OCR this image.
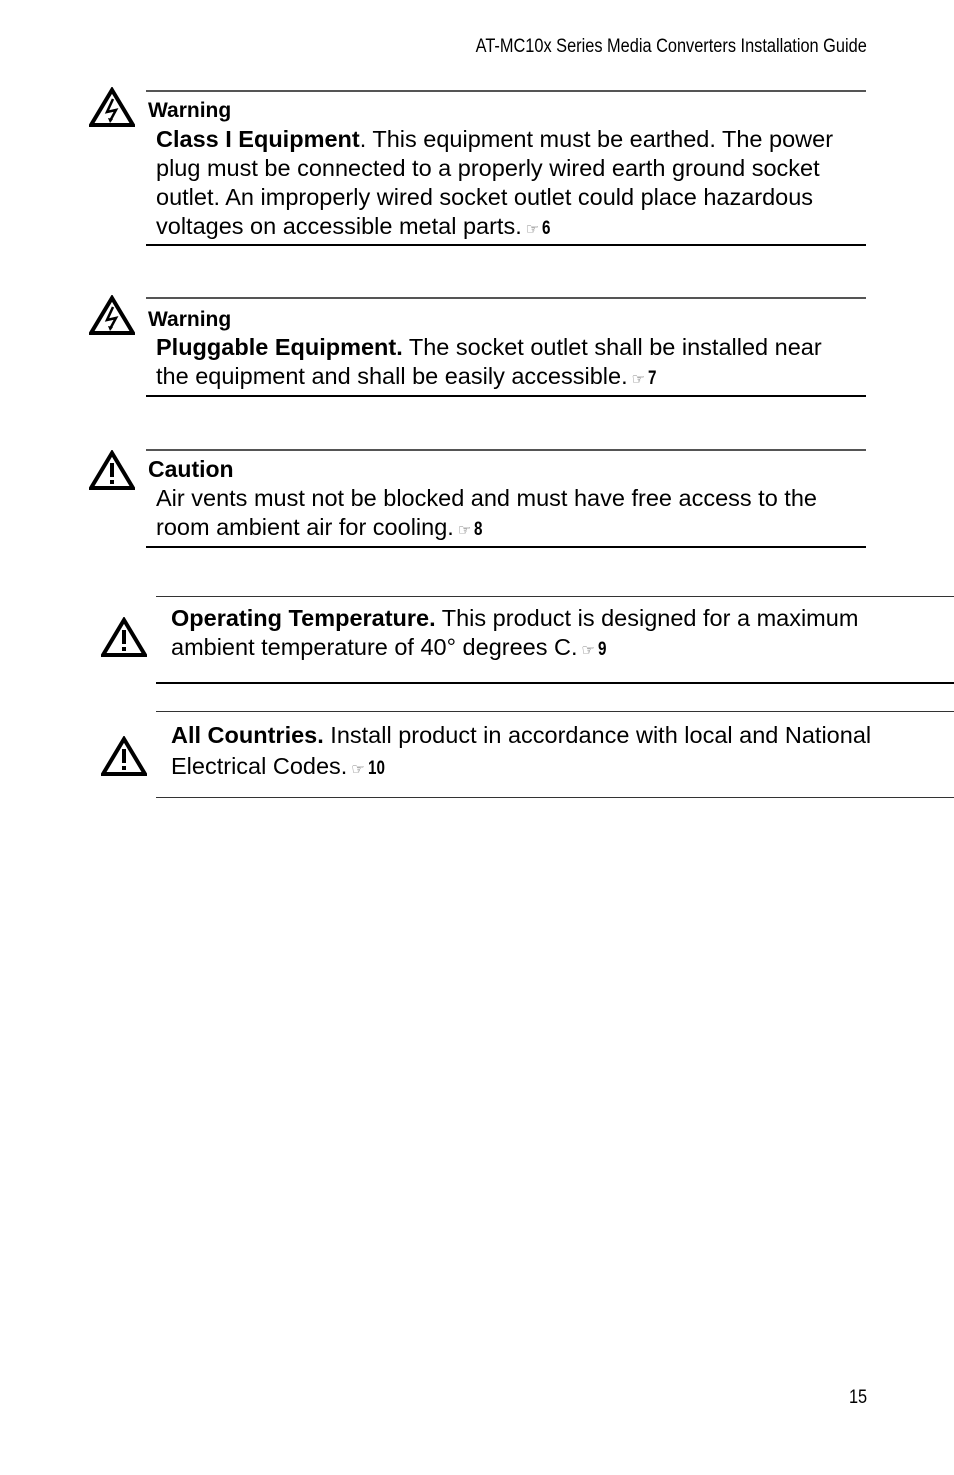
AT-MC10x Series Media Converters Installation Guide
Warning
Class I Equipment. This equipment must be earthed. The power
plug must be connected to a properly wired earth ground socket
outlet. An improperly wired socket outlet could place hazardous
voltages on accessible metal parts. ☞ 6
Warning
Pluggable Equipment. The socket outlet shall be installed near
the equipment and shall be easily accessible. ☞ 7
Caution
Air vents must not be blocked and must have free access to the
room ambient air for cooling. ☞ 8
Operating Temperature. This product is designed for a maximum
ambient temperature of 40° degrees C. ☞ 9
All Countries. Install product in accordance with local and National
Electrical Codes. ☞ 10
15
